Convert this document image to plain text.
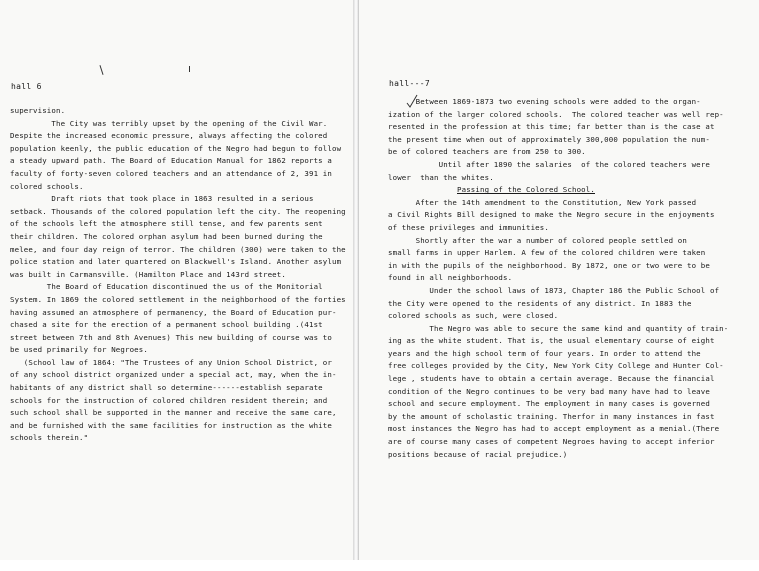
hall 6
supervision.
The City was terribly upset by the opening of the Civil War.
Despite the increased economic pressure, always affecting the colored
population keenly, the public education of the Negro had begun to follow
a steady upward path. The Board of Education Manual for 1862 reports a
faculty of forty-seven colored teachers and an attendance of 2, 391 in
colored schools.
Draft riots that took place in 1863 resulted in a serious
setback. Thousands of the colored population left the city. The reopening
of the schools left the atmosphere still tense, and few parents sent
their children. The colored orphan asylum had been burned during the
melee, and four day reign of terror. The children (300) were taken to the
police station and later quartered on Blackwell's Island. Another asylum
was built in Carmansville. (Hamilton Place and 143rd street.
The Board of Education discontinued the us of the Monitorial
System. In 1869 the colored settlement in the neighborhood of the forties
having assumed an atmosphere of permanency, the Board of Education pur-
chased a site for the erection of a permanent school building .(41st
street between 7th and 8th Avenues) This new building of course was to
be used primarily for Negroes.
(School law of 1864: "The Trustees of any Union School District, or
of any school district organized under a special act, may, when the in-
habitants of any district shall so determine------establish separate
schools for the instruction of colored children resident therein; and
such school shall be supported in the manner and receive the same care,
and be furnished with the same facilities for instruction as the white
schools therein."
hall---7
Between 1869-1873 two evening schools were added to the organ-
ization of the larger colored schools.  The colored teacher was well rep-
resented in the profession at this time; far better than is the case at
the present time when out of approximately 300,000 population the num-
be of colored teachers are from 250 to 300.
Until after 1890 the salaries  of the colored teachers were
lower  than the whites.
Passing of the Colored School.
After the 14th amendment to the Constitution, New York passed
a Civil Rights Bill designed to make the Negro secure in the enjoyments
of these privileges and immunities.
Shortly after the war a number of colored people settled on
small farms in upper Harlem. A few of the colored children were taken
in with the pupils of the neighborhood. By 1872, one or two were to be
found in all neighborhoods.
Under the school laws of 1873, Chapter 186 the Public School of
the City were opened to the residents of any district. In 1883 the
colored schools as such, were closed.
The Negro was able to secure the same kind and quantity of train-
ing as the white student. That is, the usual elementary course of eight
years and the high school term of four years. In order to attend the
free colleges provided by the City, New York City College and Hunter Col-
lege , students have to obtain a certain average. Because the financial
condition of the Negro continues to be very bad many have had to leave
school and secure employment. The employment in many cases is governed
by the amount of scholastic training. Therfor in many instances in fast
most instances the Negro has had to accept employment as a menial.(There
are of course many cases of competent Negroes having to accept inferior
positions because of racial prejudice.)
